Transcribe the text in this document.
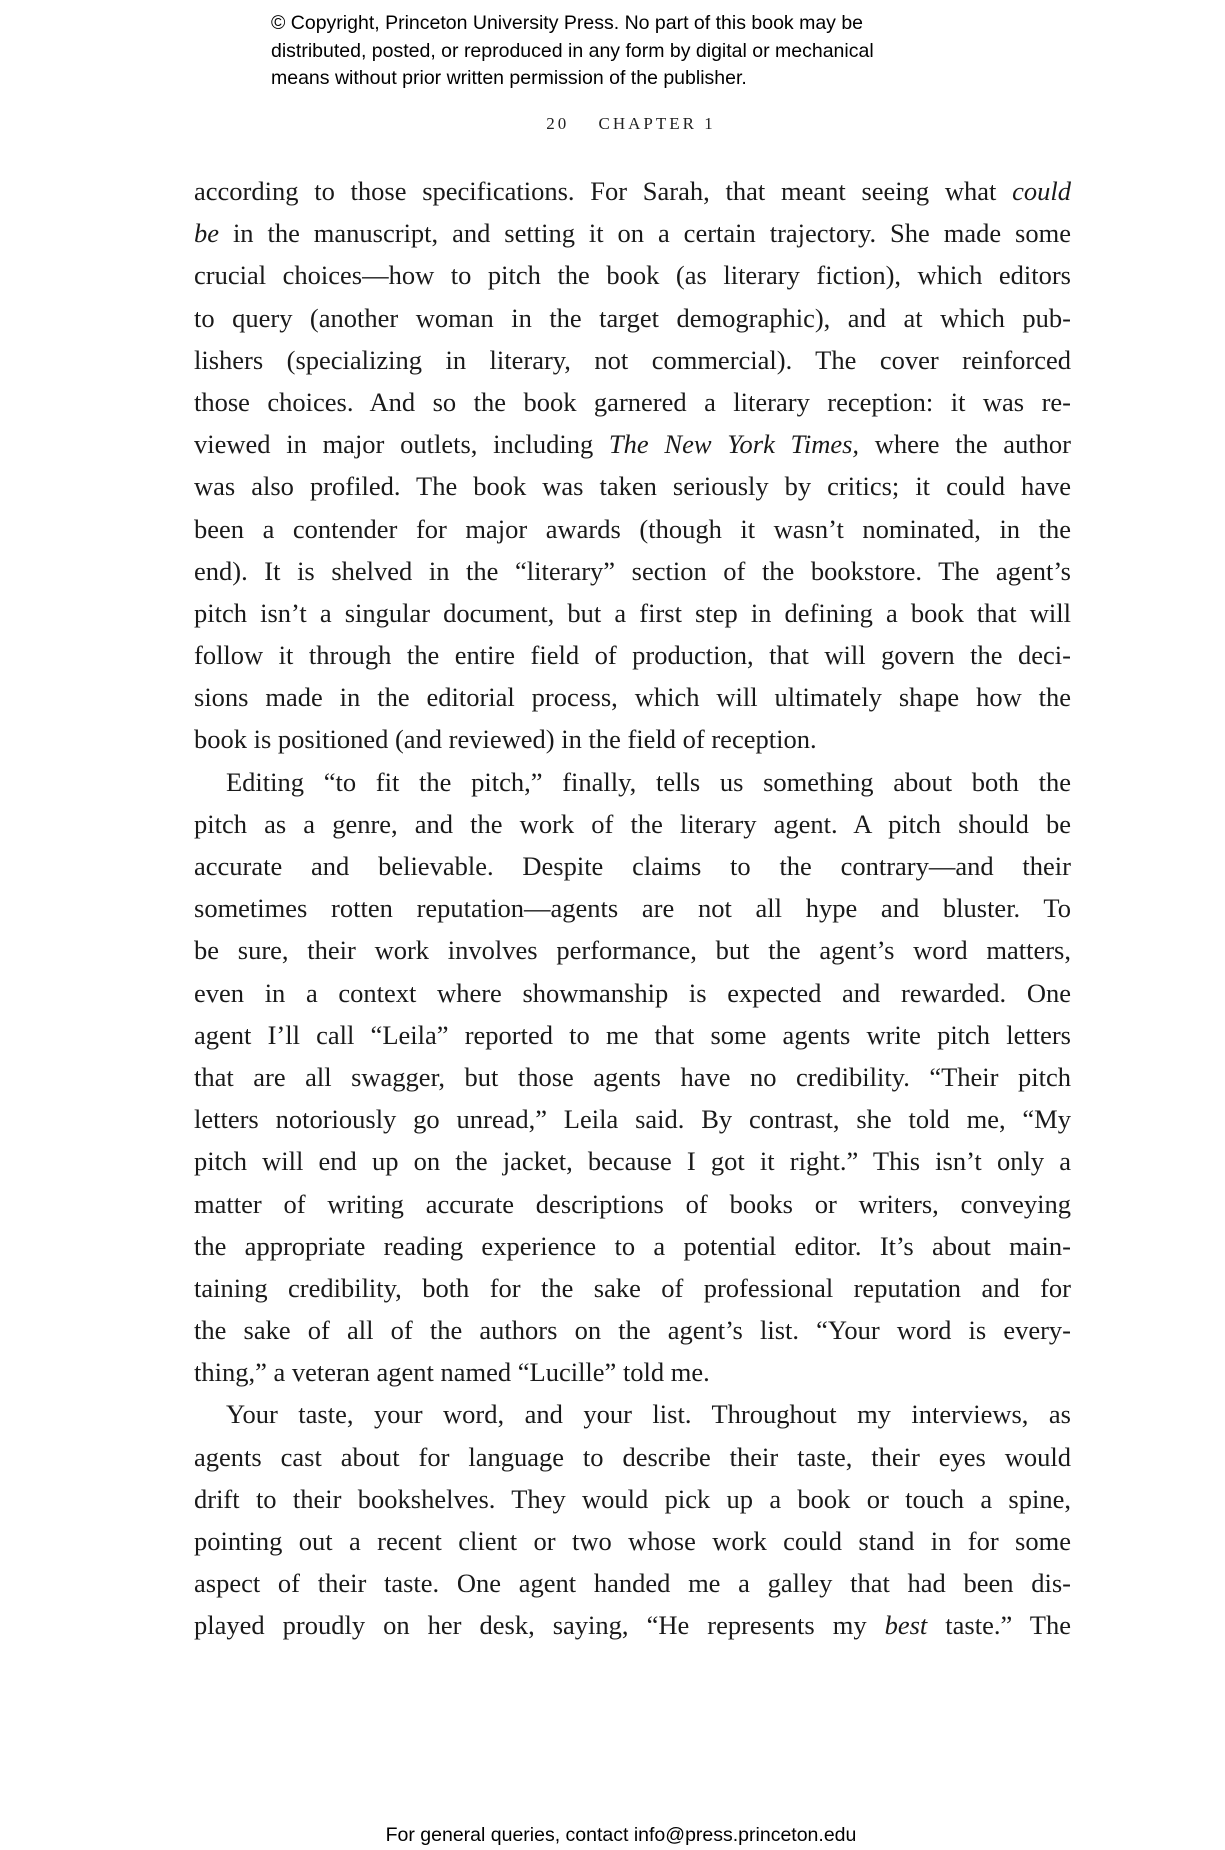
© Copyright, Princeton University Press. No part of this book may be
distributed, posted, or reproduced in any form by digital or mechanical
means without prior written permission of the publisher.
20 CHAPTER 1
according to those specifications. For Sarah, that meant seeing what could
be in the manuscript, and setting it on a certain trajectory. She made some
crucial choices—how to pitch the book (as literary fiction), which editors
to query (another woman in the target demographic), and at which pub-
lishers (specializing in literary, not commercial). The cover reinforced
those choices. And so the book garnered a literary reception: it was re-
viewed in major outlets, including The New York Times, where the author
was also profiled. The book was taken seriously by critics; it could have
been a contender for major awards (though it wasn’t nominated, in the
end). It is shelved in the “literary” section of the bookstore. The agent’s
pitch isn’t a singular document, but a first step in defining a book that will
follow it through the entire field of production, that will govern the deci-
sions made in the editorial process, which will ultimately shape how the
book is positioned (and reviewed) in the field of reception.
Editing “to fit the pitch,” finally, tells us something about both the
pitch as a genre, and the work of the literary agent. A pitch should be
accurate and believable. Despite claims to the contrary—and their
sometimes rotten reputation—agents are not all hype and bluster. To
be sure, their work involves performance, but the agent’s word matters,
even in a context where showmanship is expected and rewarded. One
agent I’ll call “Leila” reported to me that some agents write pitch letters
that are all swagger, but those agents have no credibility. “Their pitch
letters notoriously go unread,” Leila said. By contrast, she told me, “My
pitch will end up on the jacket, because I got it right.” This isn’t only a
matter of writing accurate descriptions of books or writers, conveying
the appropriate reading experience to a potential editor. It’s about main-
taining credibility, both for the sake of professional reputation and for
the sake of all of the authors on the agent’s list. “Your word is every-
thing,” a veteran agent named “Lucille” told me.
Your taste, your word, and your list. Throughout my interviews, as
agents cast about for language to describe their taste, their eyes would
drift to their bookshelves. They would pick up a book or touch a spine,
pointing out a recent client or two whose work could stand in for some
aspect of their taste. One agent handed me a galley that had been dis-
played proudly on her desk, saying, “He represents my best taste.” The
For general queries, contact info@press.princeton.edu
